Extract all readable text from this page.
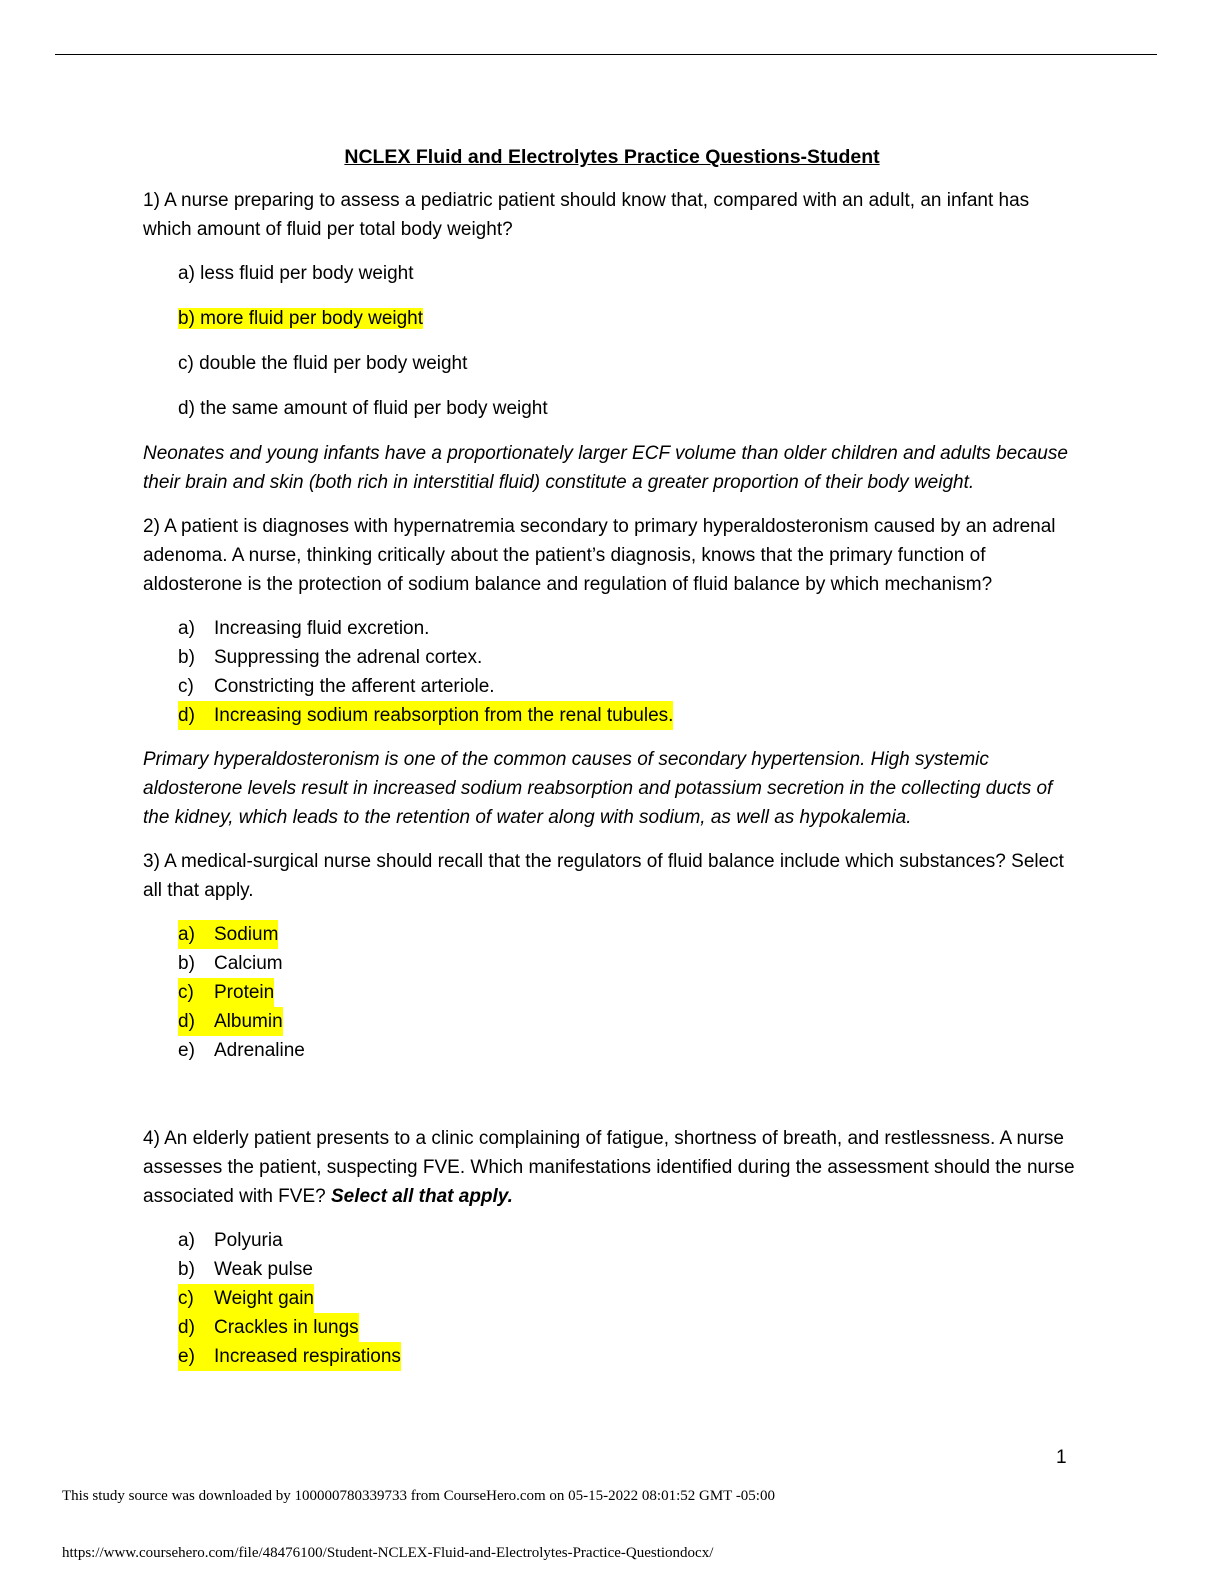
NCLEX Fluid and Electrolytes Practice Questions-Student

1) A nurse preparing to assess a pediatric patient should know that, compared with an adult, an infant has which amount of fluid per total body weight?

a) less fluid per body weight
b) more fluid per body weight
c) double the fluid per body weight
d) the same amount of fluid per body weight

Neonates and young infants have a proportionately larger ECF volume than older children and adults because their brain and skin (both rich in interstitial fluid) constitute a greater proportion of their body weight.

2) A patient is diagnoses with hypernatremia secondary to primary hyperaldosteronism caused by an adrenal adenoma. A nurse, thinking critically about the patient’s diagnosis, knows that the primary function of aldosterone is the protection of sodium balance and regulation of fluid balance by which mechanism?

a) Increasing fluid excretion.
b) Suppressing the adrenal cortex.
c) Constricting the afferent arteriole.
d) Increasing sodium reabsorption from the renal tubules.

Primary hyperaldosteronism is one of the common causes of secondary hypertension. High systemic aldosterone levels result in increased sodium reabsorption and potassium secretion in the collecting ducts of the kidney, which leads to the retention of water along with sodium, as well as hypokalemia.

3) A medical-surgical nurse should recall that the regulators of fluid balance include which substances? Select all that apply.

a) Sodium
b) Calcium
c) Protein
d) Albumin
e) Adrenaline

4) An elderly patient presents to a clinic complaining of fatigue, shortness of breath, and restlessness. A nurse assesses the patient, suspecting FVE. Which manifestations identified during the assessment should the nurse associated with FVE? Select all that apply.

a) Polyuria
b) Weak pulse
c) Weight gain
d) Crackles in lungs
e) Increased respirations
1
This study source was downloaded by 100000780339733 from CourseHero.com on 05-15-2022 08:01:52 GMT -05:00
https://www.coursehero.com/file/48476100/Student-NCLEX-Fluid-and-Electrolytes-Practice-Questiondocx/
